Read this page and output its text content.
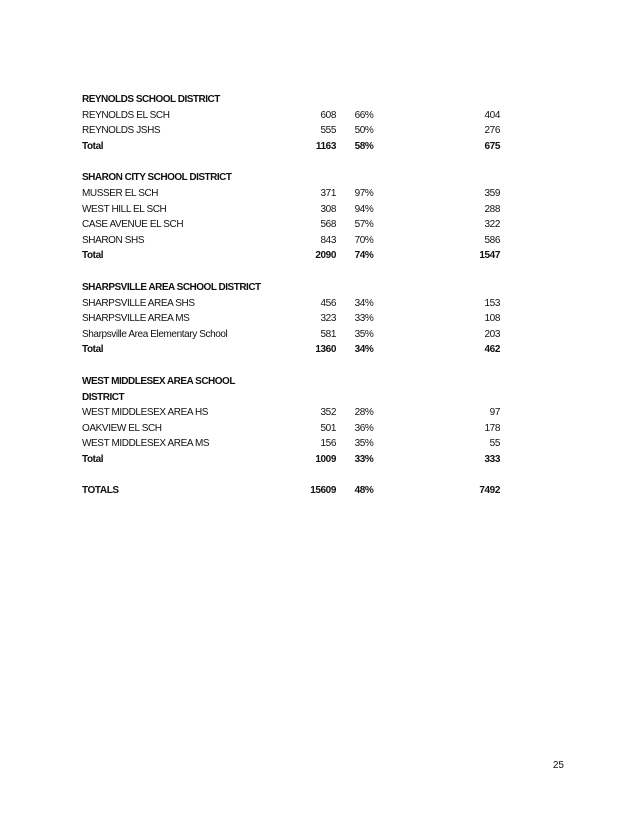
REYNOLDS SCHOOL DISTRICT
REYNOLDS EL SCH	608	66%	404
REYNOLDS JSHS	555	50%	276
Total	1163	58%	675
SHARON CITY SCHOOL DISTRICT
MUSSER EL SCH	371	97%	359
WEST HILL EL SCH	308	94%	288
CASE AVENUE EL SCH	568	57%	322
SHARON SHS	843	70%	586
Total	2090	74%	1547
SHARPSVILLE AREA SCHOOL DISTRICT
SHARPSVILLE AREA SHS	456	34%	153
SHARPSVILLE AREA MS	323	33%	108
Sharpsville Area Elementary School	581	35%	203
Total	1360	34%	462
WEST MIDDLESEX AREA SCHOOL DISTRICT
WEST MIDDLESEX AREA HS	352	28%	97
OAKVIEW EL SCH	501	36%	178
WEST MIDDLESEX AREA MS	156	35%	55
Total	1009	33%	333
TOTALS	15609	48%	7492
25
